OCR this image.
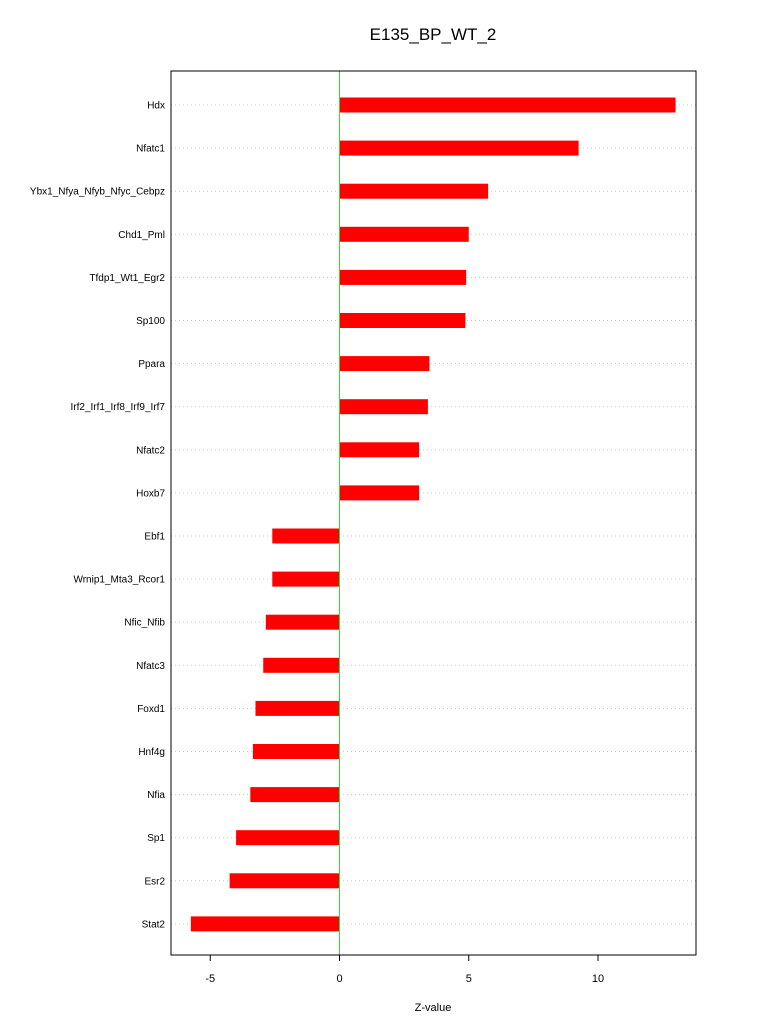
E135_BP_WT_2
Hdx
Nfatc1
Ybx1_Nfya_Nfyb_Nfyc_Cebpz
Chd1_Pml
Tfdp1_Wt1_Egr2
Sp100
Ppara
Irf2_Irf1_Irf8_Irf9_Irf7
Nfatc2
Hoxb7
Ebf1
Wrnip1_Mta3_Rcor1
Nfic_Nfib
Nfatc3
Foxd1
Hnf4g
Nfia
Sp1
Esr2
Stat2
-5	0	5	10
Z-value
